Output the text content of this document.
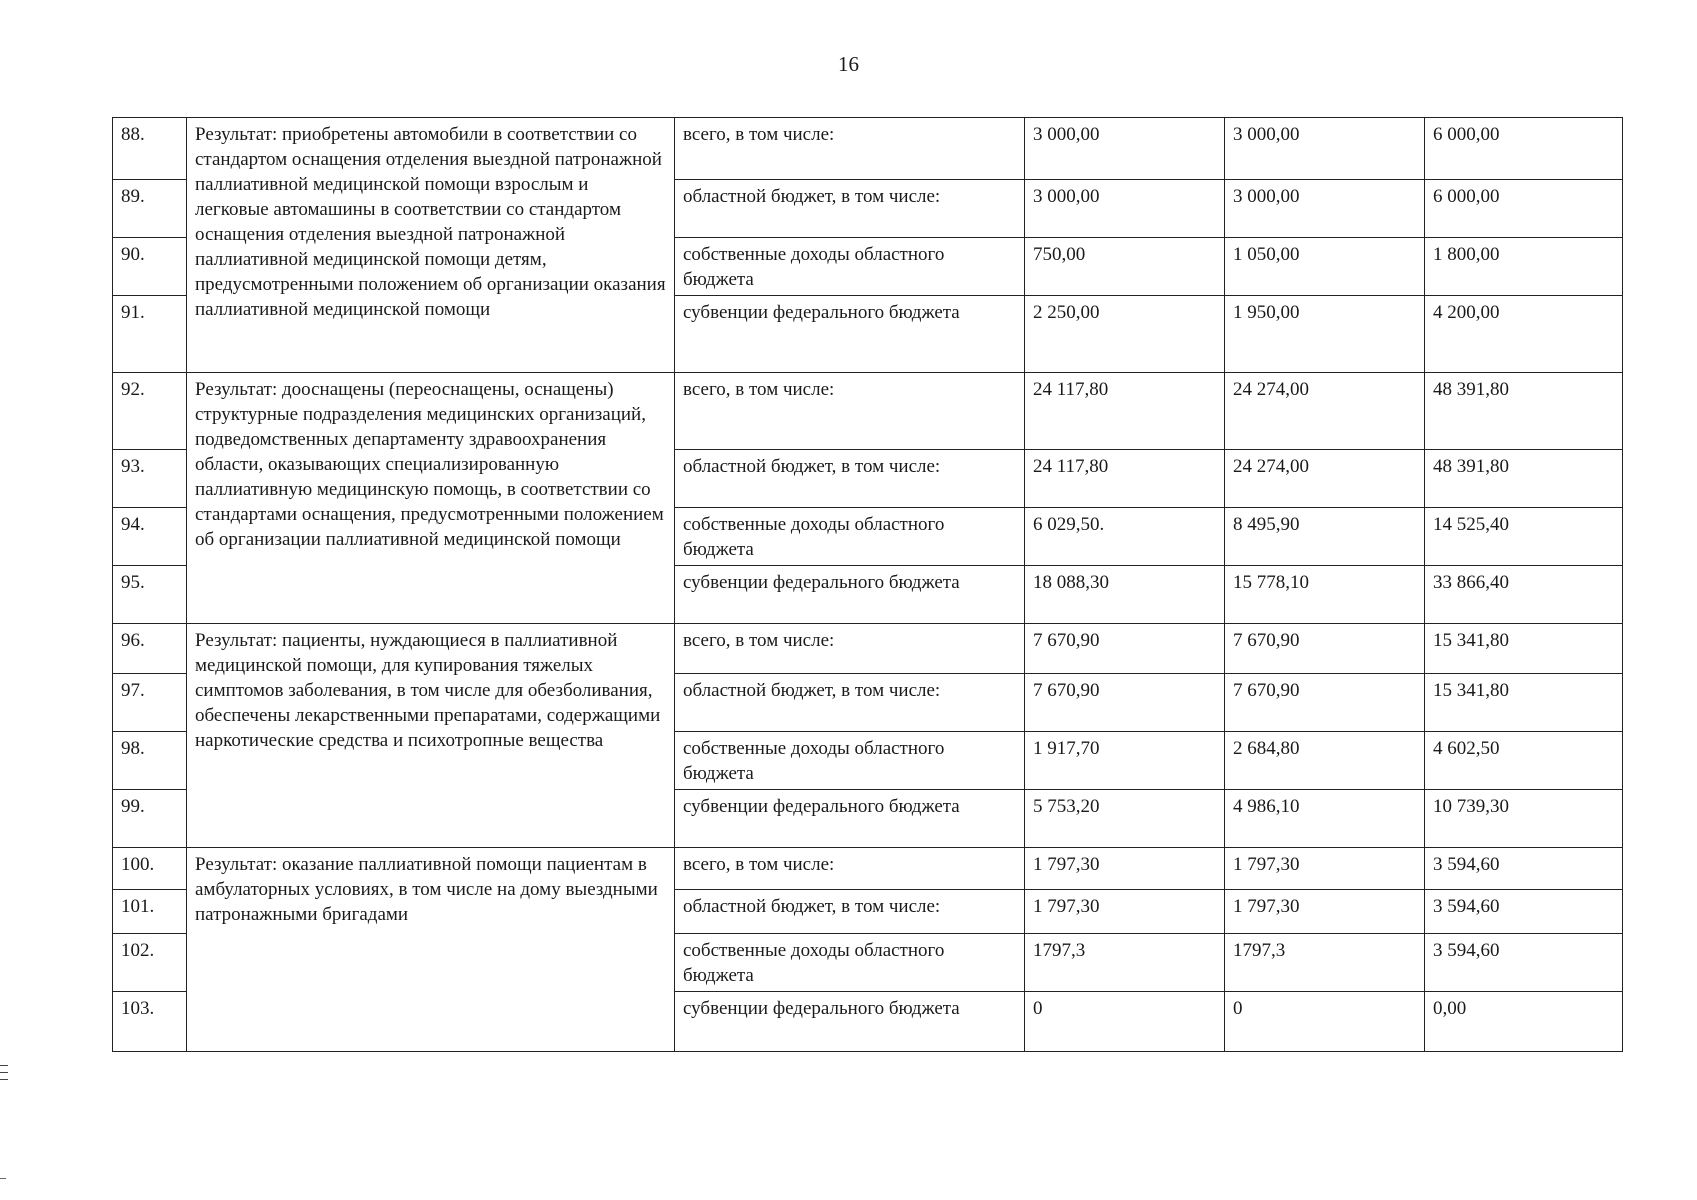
16
88.	Результат: приобретены автомобили в соответствии со стандартом оснащения отделения выездной патронажной паллиативной медицинской помощи взрослым и легковые автомашины в соответствии со стандартом оснащения отделения выездной патронажной паллиативной медицинской помощи детям, предусмотренными положением об организации оказания паллиативной медицинской помощи	всего, в том числе:	3 000,00	3 000,00	6 000,00
89.		областной бюджет, в том числе:	3 000,00	3 000,00	6 000,00
90.		собственные доходы областного бюджета	750,00	1 050,00	1 800,00
91.		субвенции федерального бюджета	2 250,00	1 950,00	4 200,00
92.	Результат: дооснащены (переоснащены, оснащены) структурные подразделения медицинских организаций, подведомственных департаменту здравоохранения области, оказывающих специализированную паллиативную медицинскую помощь, в соответствии со стандартами оснащения, предусмотренными положением об организации паллиативной медицинской помощи	всего, в том числе:	24 117,80	24 274,00	48 391,80
93.		областной бюджет, в том числе:	24 117,80	24 274,00	48 391,80
94.		собственные доходы областного бюджета	6 029,50.	8 495,90	14 525,40
95.		субвенции федерального бюджета	18 088,30	15 778,10	33 866,40
96.	Результат: пациенты, нуждающиеся в паллиативной медицинской помощи, для купирования тяжелых симптомов заболевания, в том числе для обезболивания, обеспечены лекарственными препаратами, содержащими наркотические средства и психотропные вещества	всего, в том числе:	7 670,90	7 670,90	15 341,80
97.		областной бюджет, в том числе:	7 670,90	7 670,90	15 341,80
98.		собственные доходы областного бюджета	1 917,70	2 684,80	4 602,50
99.		субвенции федерального бюджета	5 753,20	4 986,10	10 739,30
100.	Результат: оказание паллиативной помощи пациентам в амбулаторных условиях, в том числе на дому выездными патронажными бригадами	всего, в том числе:	1 797,30	1 797,30	3 594,60
101.		областной бюджет, в том числе:	1 797,30	1 797,30	3 594,60
102.		собственные доходы областного бюджета	1797,3	1797,3	3 594,60
103.		субвенции федерального бюджета	0	0	0,00
